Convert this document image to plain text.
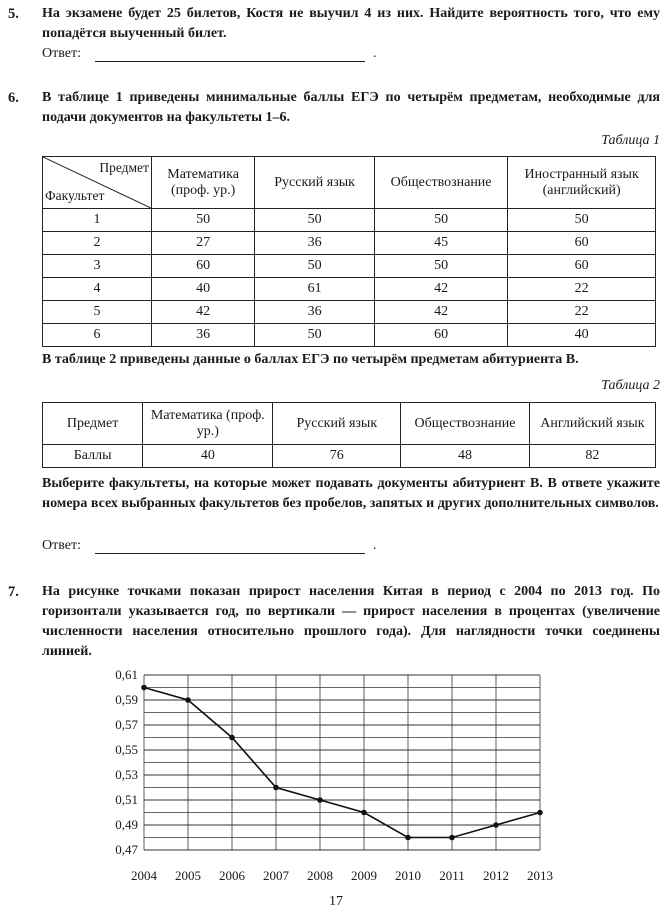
5. На экзамене будет 25 билетов, Костя не выучил 4 из них. Найдите вероятность того, что ему попадётся выученный билет.
Ответ:	.
6. В таблице 1 приведены минимальные баллы ЕГЭ по четырём предметам, необходимые для подачи документов на факультеты 1–6.
Таблица 1
Предмет
Факультет	Математика (проф. ур.)	Русский язык	Обществознание	Иностранный язык (английский)
1	50	50	50	50
2	27	36	45	60
3	60	50	50	60
4	40	61	42	22
5	42	36	42	22
6	36	50	60	40
В таблице 2 приведены данные о баллах ЕГЭ по четырём предметам абитуриента В.
Таблица 2
Предмет	Математика (проф. ур.)	Русский язык	Обществознание	Английский язык
Баллы	40	76	48	82
Выберите факультеты, на которые может подавать документы абитуриент В. В ответе укажите номера всех выбранных факультетов без пробелов, запятых и других дополнительных символов.
Ответ:	.
7. На рисунке точками показан прирост населения Китая в период с 2004 по 2013 год. По горизонтали указывается год, по вертикали — прирост населения в процентах (увеличение численности населения относительно прошлого года). Для наглядности точки соединены линией.
0,61
0,59
0,57
0,55
0,53
0,51
0,49
0,47
2004 2005 2006 2007 2008 2009 2010 2011 2012 2013
17
